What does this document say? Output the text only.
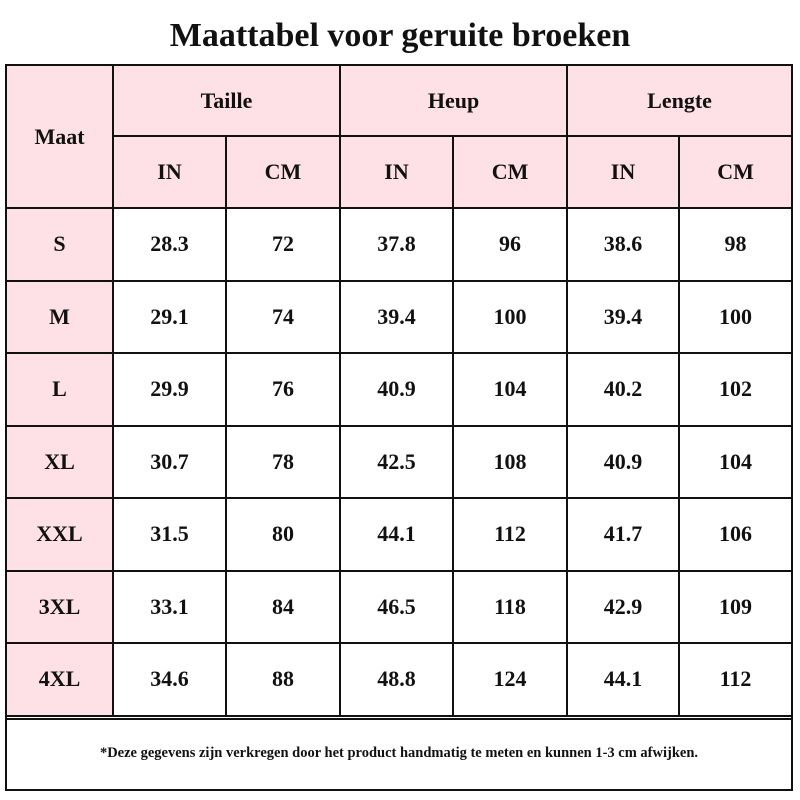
Maattabel voor geruite broeken
Maat	Taille		Heup		Lengte	
	IN	CM	IN	CM	IN	CM
S	28.3	72	37.8	96	38.6	98
M	29.1	74	39.4	100	39.4	100
L	29.9	76	40.9	104	40.2	102
XL	30.7	78	42.5	108	40.9	104
XXL	31.5	80	44.1	112	41.7	106
3XL	33.1	84	46.5	118	42.9	109
4XL	34.6	88	48.8	124	44.1	112
*Deze gegevens zijn verkregen door het product handmatig te meten en kunnen 1-3 cm afwijken.
